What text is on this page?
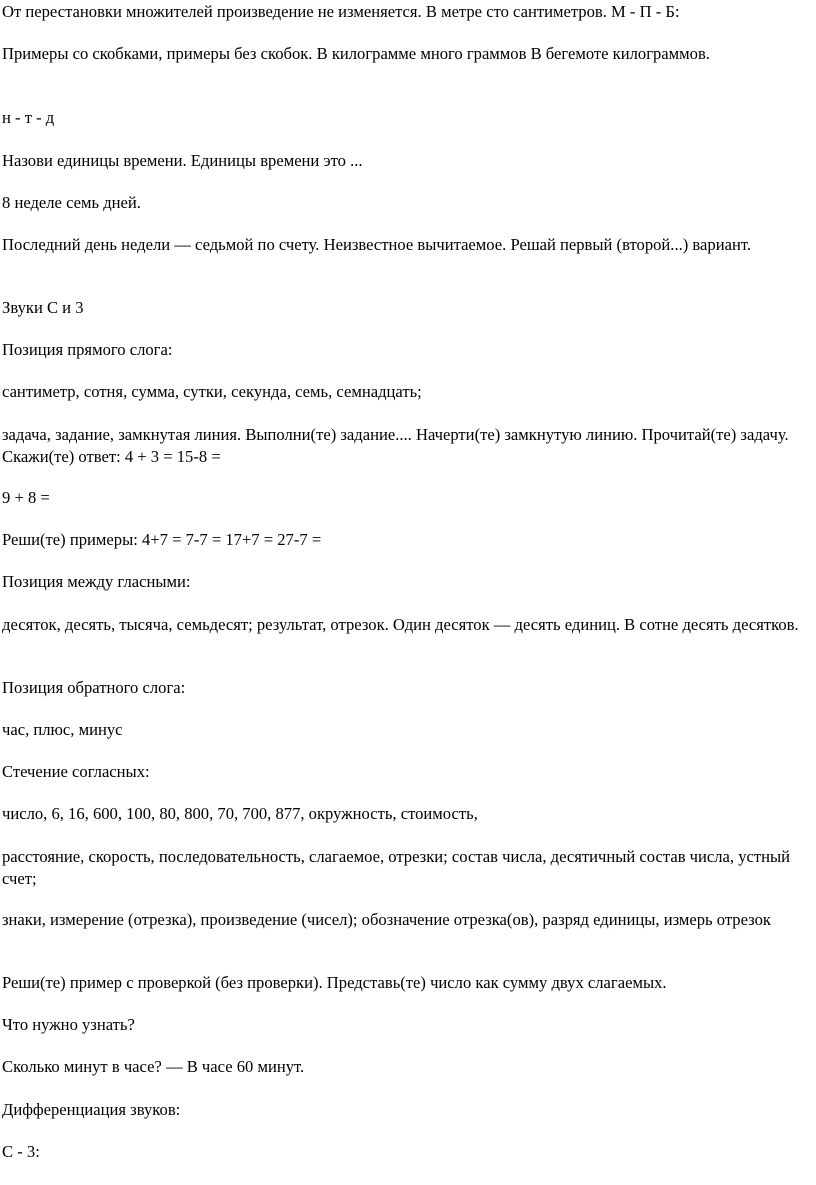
От перестановки множителей произведение не изменяется. В метре сто сантиметров. М - П - Б:

Примеры со скобками, примеры без скобок. В килограмме много граммов В бегемоте килограммов.

н - т - д

Назови единицы времени. Единицы времени это ...

8 неделе семь дней.

Последний день недели — седьмой по счету. Неизвестное вычитаемое. Решай первый (второй...) вариант.

Звуки С и 3

Позиция прямого слога:

сантиметр, сотня, сумма, сутки, секунда, семь, семнадцать;

задача, задание, замкнутая линия. Выполни(те) задание.... Начерти(те) замкнутую линию. Прочитай(те) задачу. Скажи(те) ответ: 4 + 3 = 15-8 =

9 + 8 =

Реши(те) примеры: 4+7 = 7-7 = 17+7 = 27-7 =

Позиция между гласными:

десяток, десять, тысяча, семьдесят; результат, отрезок. Один десяток — десять единиц. В сотне десять десятков.

Позиция обратного слога:

час, плюс, минус

Стечение согласных:

число, 6, 16, 600, 100, 80, 800, 70, 700, 877, окружность, стоимость,

расстояние, скорость, последовательность, слагаемое, отрезки; состав числа, десятичный состав числа, устный счет;

знаки, измерение (отрезка), произведение (чисел); обозначение отрезка(ов), разряд единицы, измерь отрезок

Реши(те) пример с проверкой (без проверки). Представь(те) число как сумму двух слагаемых.

Что нужно узнать?

Сколько минут в часе? — В часе 60 минут.

Дифференциация звуков:

С - 3:
